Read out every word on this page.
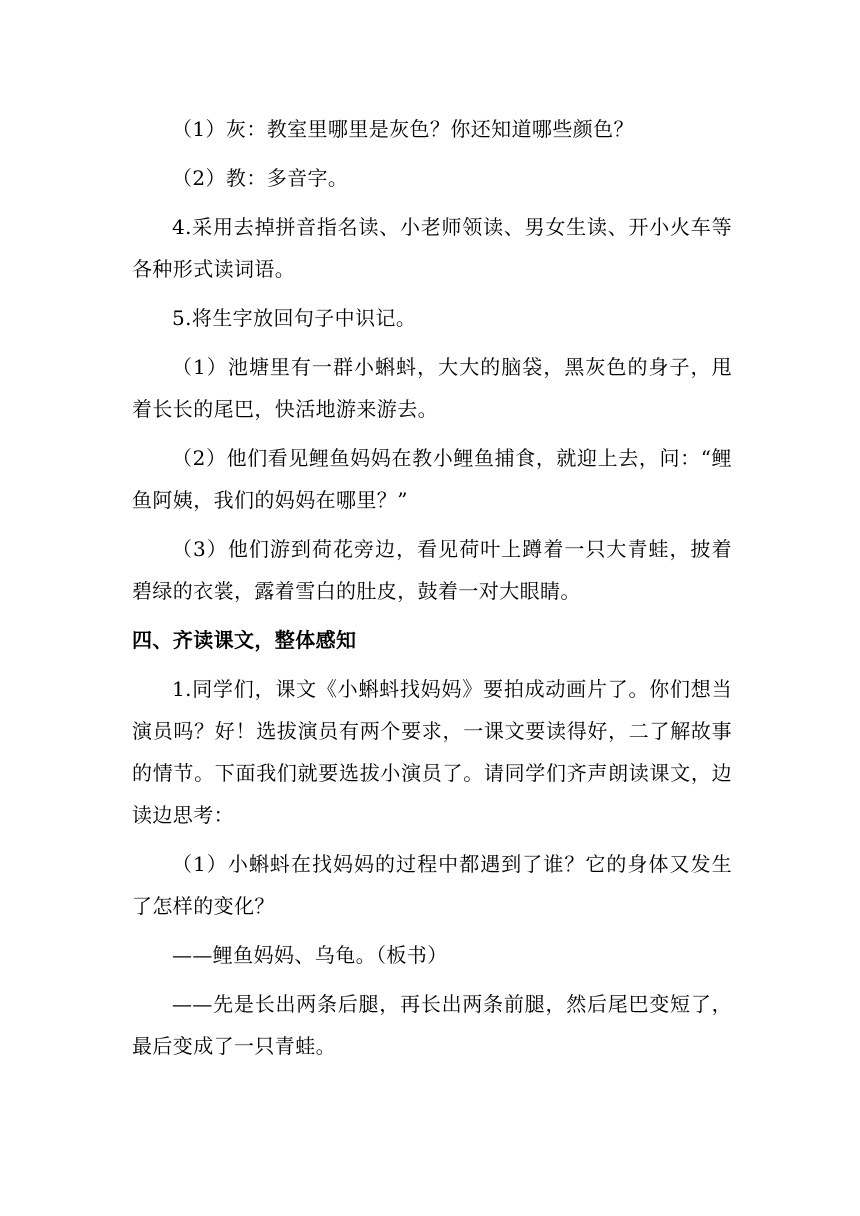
（1）灰：教室里哪里是灰色？你还知道哪些颜色？

（2）教：多音字。

4.采用去掉拼音指名读、小老师领读、男女生读、开小火车等各种形式读词语。

5.将生字放回句子中识记。

（1）池塘里有一群小蝌蚪，大大的脑袋，黑灰色的身子，甩着长长的尾巴，快活地游来游去。

（2）他们看见鲤鱼妈妈在教小鲤鱼捕食，就迎上去，问：“鲤鱼阿姨，我们的妈妈在哪里？”

（3）他们游到荷花旁边，看见荷叶上蹲着一只大青蛙，披着碧绿的衣裳，露着雪白的肚皮，鼓着一对大眼睛。

四、齐读课文，整体感知

1.同学们，课文《小蝌蚪找妈妈》要拍成动画片了。你们想当演员吗？好！选拔演员有两个要求，一课文要读得好，二了解故事的情节。下面我们就要选拔小演员了。请同学们齐声朗读课文，边读边思考：

（1）小蝌蚪在找妈妈的过程中都遇到了谁？它的身体又发生了怎样的变化？

——鲤鱼妈妈、乌龟。（板书）

——先是长出两条后腿，再长出两条前腿，然后尾巴变短了，最后变成了一只青蛙。
